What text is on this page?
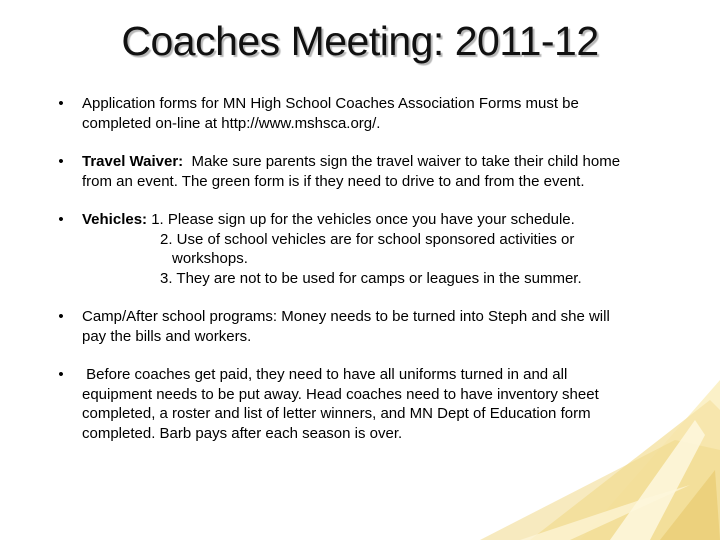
Coaches Meeting: 2011-12
• Application forms for MN High School Coaches Association Forms must be
completed on-line at http://www.mshsca.org/.
• Travel Waiver:  Make sure parents sign the travel waiver to take their child home
from an event. The green form is if they need to drive to and from the event.
• Vehicles: 1. Please sign up for the vehicles once you have your schedule.
2. Use of school vehicles are for school sponsored activities or
workshops.
3. They are not to be used for camps or leagues in the summer.
• Camp/After school programs: Money needs to be turned into Steph and she will
pay the bills and workers.
• Before coaches get paid, they need to have all uniforms turned in and all
equipment needs to be put away. Head coaches need to have inventory sheet
completed, a roster and list of letter winners, and MN Dept of Education form
completed. Barb pays after each season is over.
